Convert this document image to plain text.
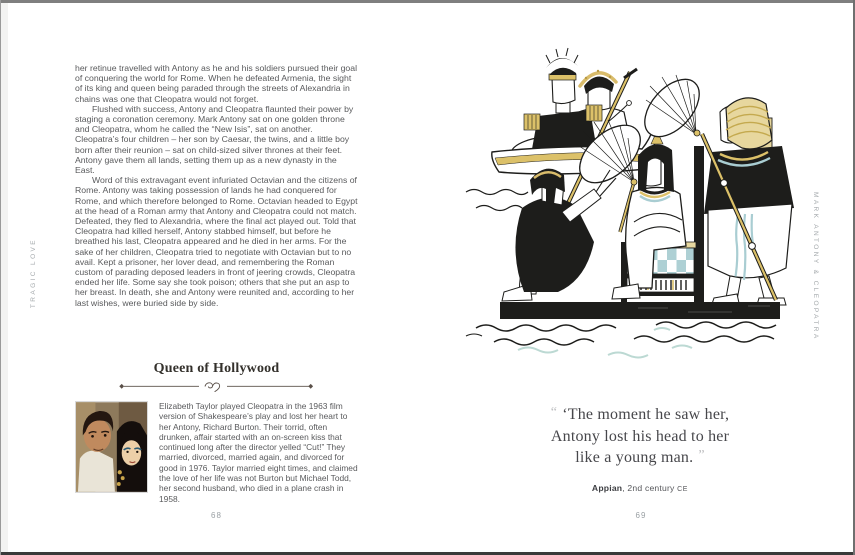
TRAGIC LOVE

her retinue travelled with Antony as he and his soldiers pursued their goal of conquering the world for Rome. When he defeated Armenia, the sight of its king and queen being paraded through the streets of Alexandria in chains was one that Cleopatra would not forget.

Flushed with success, Antony and Cleopatra flaunted their power by staging a coronation ceremony. Mark Antony sat on one golden throne and Cleopatra, whom he called the “New Isis”, sat on another. Cleopatra’s four children – her son by Caesar, the twins, and a little boy born after their reunion – sat on child-sized silver thrones at their feet. Antony gave them all lands, setting them up as a new dynasty in the East.

Word of this extravagant event infuriated Octavian and the citizens of Rome. Antony was taking possession of lands he had conquered for Rome, and which therefore belonged to Rome. Octavian headed to Egypt at the head of a Roman army that Antony and Cleopatra could not match. Defeated, they fled to Alexandria, where the final act played out. Told that Cleopatra had killed herself, Antony stabbed himself, but before he breathed his last, Cleopatra appeared and he died in her arms. For the sake of her children, Cleopatra tried to negotiate with Octavian but to no avail. Kept a prisoner, her lover dead, and remembering the Roman custom of parading deposed leaders in front of jeering crowds, Cleopatra ended her life. Some say she took poison; others that she put an asp to her breast. In death, she and Antony were reunited and, according to her last wishes, were buried side by side.

Queen of Hollywood

Elizabeth Taylor played Cleopatra in the 1963 film version of Shakespeare’s play and lost her heart to her Antony, Richard Burton. Their torrid, often drunken, affair started with an on-screen kiss that continued long after the director yelled “Cut!” They married, divorced, married again, and divorced for good in 1976. Taylor married eight times, and claimed the love of her life was not Burton but Michael Todd, her second husband, who died in a plane crash in 1958.

68
MARK ANTONY & CLEOPATRA
“ ‘The moment he saw her,
Antony lost his head to her
like a young man. ”
Appian, 2nd century CE
69
